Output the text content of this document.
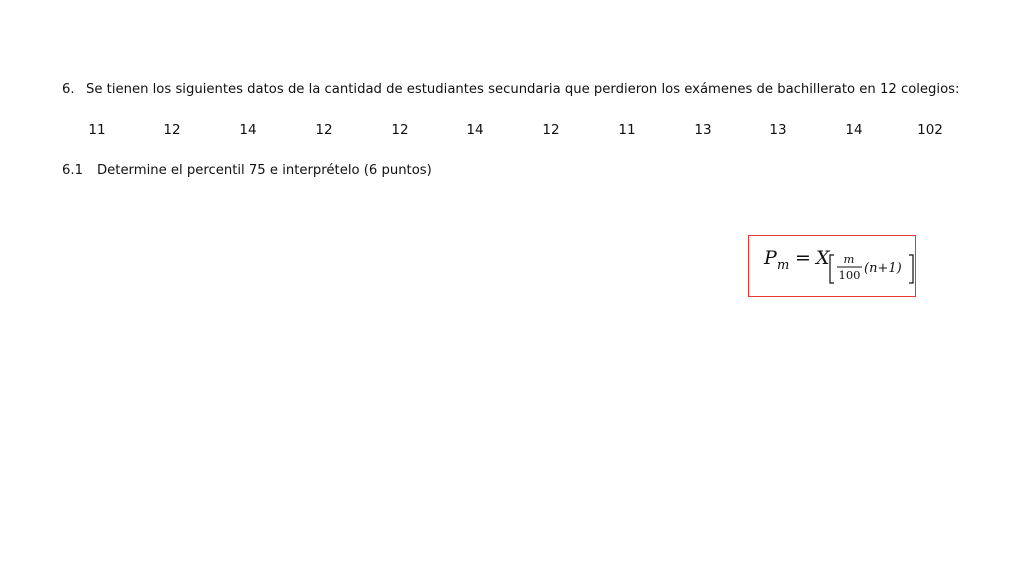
6. Se tienen los siguientes datos de la cantidad de estudiantes secundaria que perdieron los exámenes de bachillerato en 12 colegios:
11	12	14	12	12	14	12	11	13	13	14	102
6.1 Determine el percentil 75 e interprételo (6 puntos)
P m = X m
100 (n+1)
